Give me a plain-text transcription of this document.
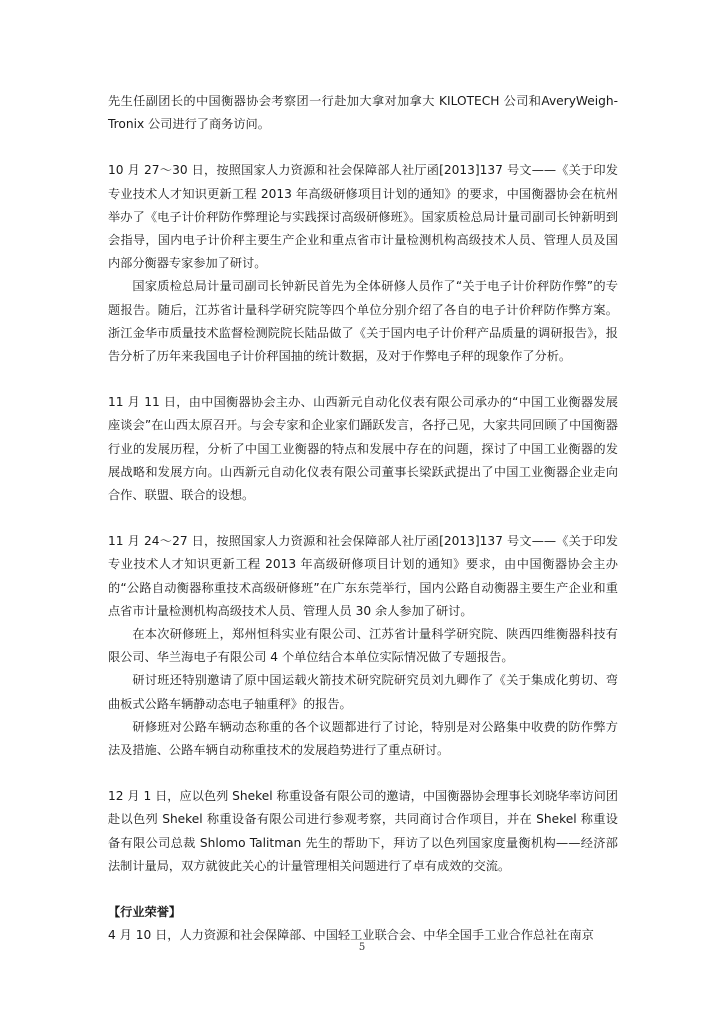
先生任副团长的中国衡器协会考察团一行赴加大拿对加拿大 KILOTECH 公司和AveryWeigh-Tronix 公司进行了商务访问。

10 月 27～30 日，按照国家人力资源和社会保障部人社厅函[2013]137 号文——《关于印发专业技术人才知识更新工程 2013 年高级研修项目计划的通知》的要求，中国衡器协会在杭州举办了《电子计价秤防作弊理论与实践探讨高级研修班》。国家质检总局计量司副司长钟新明到会指导，国内电子计价秤主要生产企业和重点省市计量检测机构高级技术人员、管理人员及国内部分衡器专家参加了研讨。

国家质检总局计量司副司长钟新民首先为全体研修人员作了“关于电子计价秤防作弊”的专题报告。随后，江苏省计量科学研究院等四个单位分别介绍了各自的电子计价秤防作弊方案。浙江金华市质量技术监督检测院院长陆品做了《关于国内电子计价秤产品质量的调研报告》，报告分析了历年来我国电子计价秤国抽的统计数据，及对于作弊电子秤的现象作了分析。

11 月 11 日，由中国衡器协会主办、山西新元自动化仪表有限公司承办的“中国工业衡器发展座谈会”在山西太原召开。与会专家和企业家们踊跃发言，各抒己见，大家共同回顾了中国衡器行业的发展历程，分析了中国工业衡器的特点和发展中存在的问题，探讨了中国工业衡器的发展战略和发展方向。山西新元自动化仪表有限公司董事长梁跃武提出了中国工业衡器企业走向合作、联盟、联合的设想。

11 月 24～27 日，按照国家人力资源和社会保障部人社厅函[2013]137 号文——《关于印发专业技术人才知识更新工程 2013 年高级研修项目计划的通知》要求，由中国衡器协会主办的“公路自动衡器称重技术高级研修班”在广东东莞举行，国内公路自动衡器主要生产企业和重点省市计量检测机构高级技术人员、管理人员 30 余人参加了研讨。

在本次研修班上，郑州恒科实业有限公司、江苏省计量科学研究院、陕西四维衡器科技有限公司、华兰海电子有限公司 4 个单位结合本单位实际情况做了专题报告。

研讨班还特别邀请了原中国运载火箭技术研究院研究员刘九卿作了《关于集成化剪切、弯曲板式公路车辆静动态电子轴重秤》的报告。

研修班对公路车辆动态称重的各个议题都进行了讨论，特别是对公路集中收费的防作弊方法及措施、公路车辆自动称重技术的发展趋势进行了重点研讨。

12 月 1 日，应以色列 Shekel 称重设备有限公司的邀请，中国衡器协会理事长刘晓华率访问团赴以色列 Shekel 称重设备有限公司进行参观考察，共同商讨合作项目，并在 Shekel 称重设备有限公司总裁 Shlomo Talitman 先生的帮助下，拜访了以色列国家度量衡机构——经济部法制计量局，双方就彼此关心的计量管理相关问题进行了卓有成效的交流。

【行业荣誉】

4 月 10 日，人力资源和社会保障部、中国轻工业联合会、中华全国手工业合作总社在南京

5
